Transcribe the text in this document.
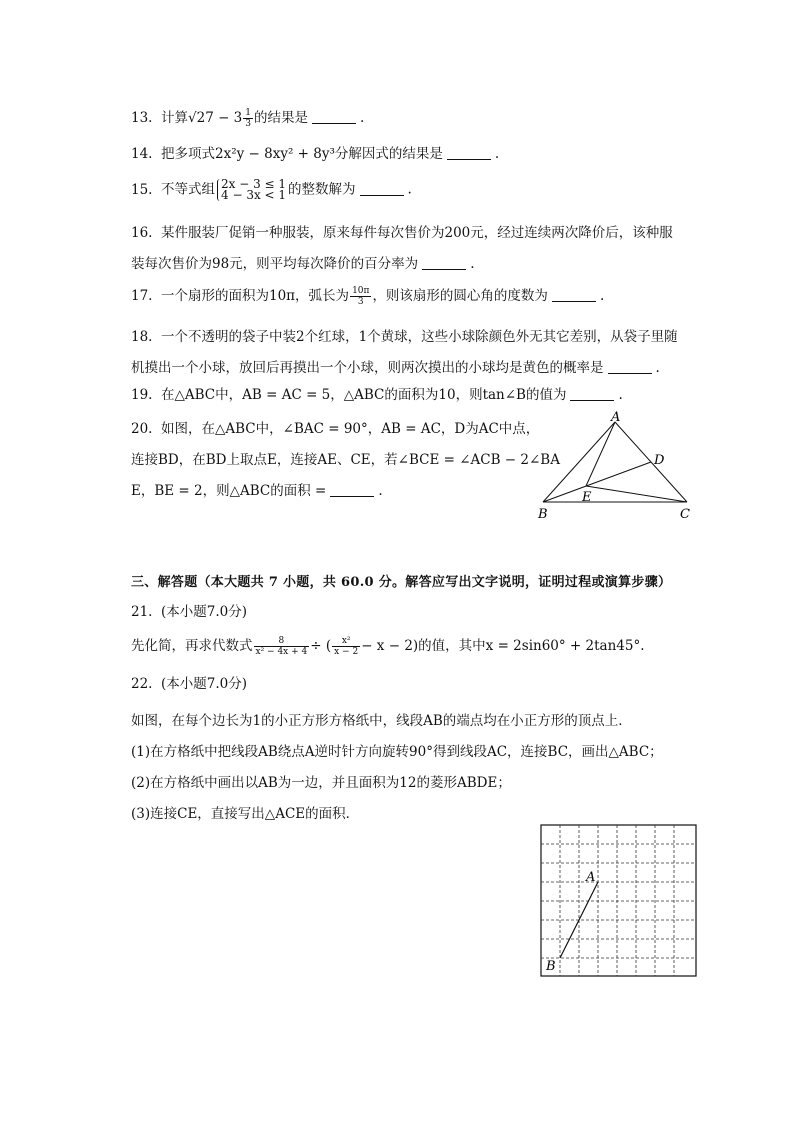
13. 计算$√27 - 3 \frac{1}{3}$ 的结果是	.
14. 把多项式2x²y − 8xy² + 8y³分解因式的结果是	.
15. 不等式组 2x − 3 ≤ 1
4 − 3x < 1 的整数解为	.
16. 某件服装厂促销一种服装，原来每件每次售价为200元，经过连续两次降价后，该种服
装每次售价为98元，则平均每次降价的百分率为	.
17. 一个扇形的面积为10π，弧长为 $\frac{10\pi}{3}$ ，则该扇形的圆心角的度数为	.
18. 一个不透明的袋子中装2个红球，1个黄球，这些小球除颜色外无其它差别，从袋子里随
机摸出一个小球，放回后再摸出一个小球，则两次摸出的小球均是黄色的概率是	.
19. 在△ABC中，AB = AC = 5，△ABC的面积为10，则tan∠B的值为	.
20. 如图，在△ABC中，∠BAC = 90°，AB = AC，D为AC中点，
连接BD，在BD上取点E，连接AE、CE，若∠BCE = ∠ACB − 2∠BA
E，BE = 2，则△ABC的面积 =	.
A
B	C
D
E
三、解答题（本大题共 7 小题，共 60.0 分。解答应写出文字说明，证明过程或演算步骤）
21. (本小题7.0分)
先化简，再求代数式 $\frac{8}{\text{x² − 4x + 4}}$ ÷ ( $\frac{\text{x²}}{x - 2} - x - 2$)的值，其中x = 2sin60° + 2tan45°.
22. (本小题7.0分)
如图，在每个边长为1的小正方形方格纸中，线段AB的端点均在小正方形的顶点上．
(1)在方格纸中把线段AB绕点A逆时针方向旋转90°得到线段AC，连接BC，画出△ABC；
(2)在方格纸中画出以AB为一边，并且面积为12的菱形ABDE；
(3)连接CE，直接写出△ACE的面积．
A
B
